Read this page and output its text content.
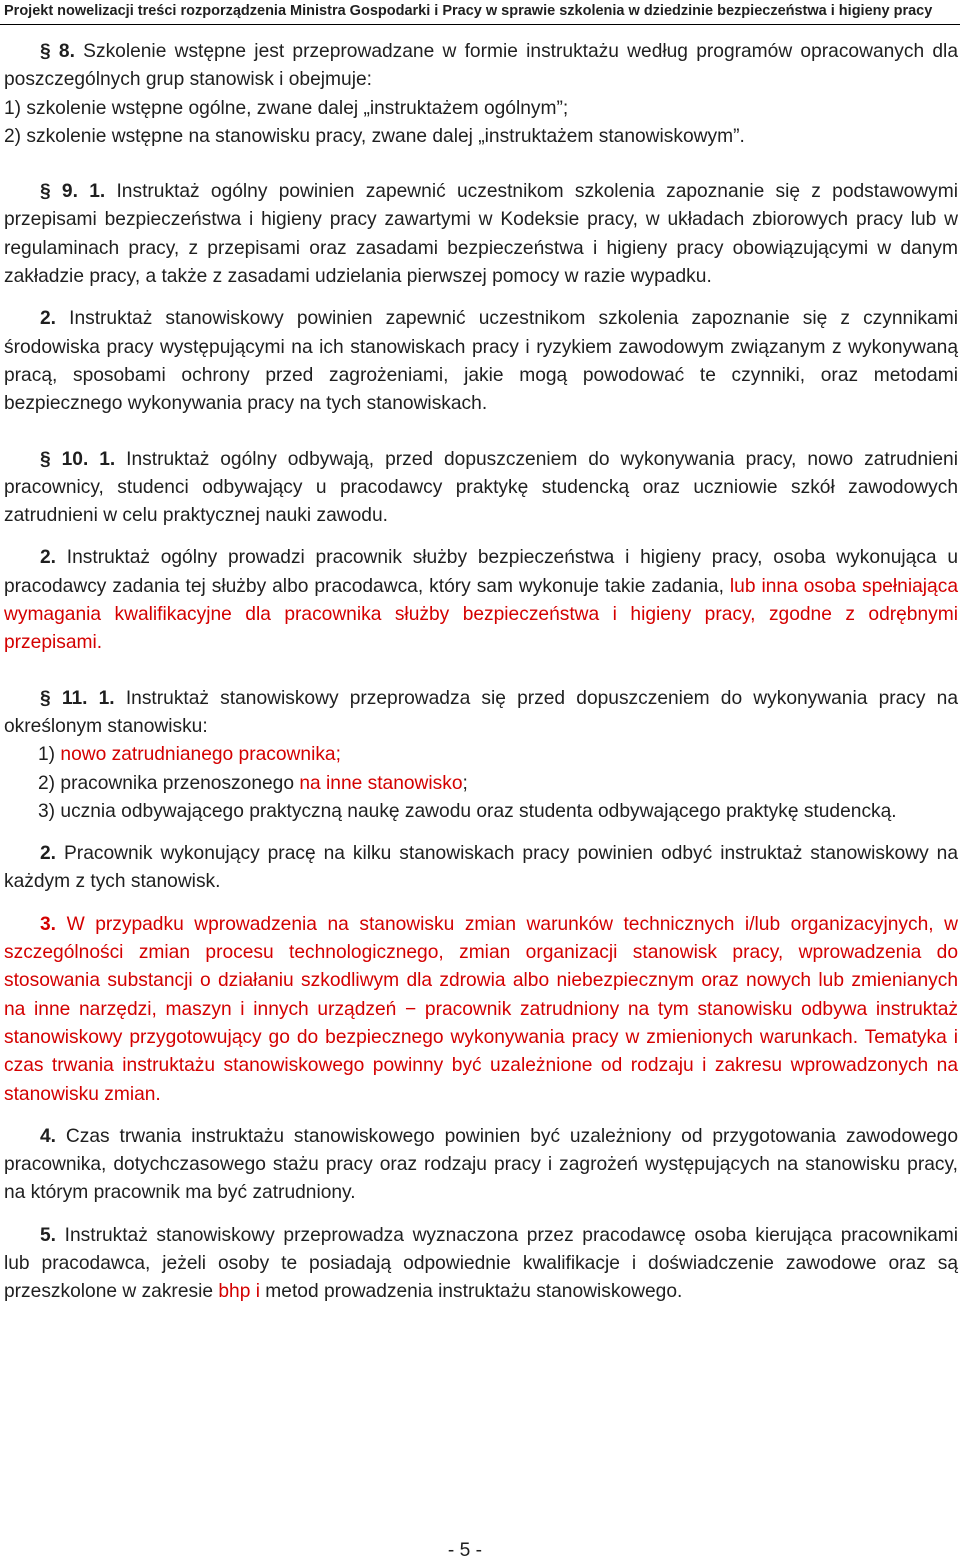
Projekt nowelizacji treści rozporządzenia Ministra Gospodarki i Pracy w sprawie szkolenia w dziedzinie bezpieczeństwa i higieny pracy

§ 8. Szkolenie wstępne jest przeprowadzane w formie instruktażu według programów opracowanych dla poszczególnych grup stanowisk i obejmuje:

1) szkolenie wstępne ogólne, zwane dalej „instruktażem ogólnym”;

2) szkolenie wstępne na stanowisku pracy, zwane dalej „instruktażem stanowiskowym”.

§ 9. 1. Instruktaż ogólny powinien zapewnić uczestnikom szkolenia zapoznanie się z podstawowymi przepisami bezpieczeństwa i higieny pracy zawartymi w Kodeksie pracy, w układach zbiorowych pracy lub w regulaminach pracy, z przepisami oraz zasadami bezpieczeństwa i higieny pracy obowiązującymi w danym zakładzie pracy, a także z zasadami udzielania pierwszej pomocy w razie wypadku.

2. Instruktaż stanowiskowy powinien zapewnić uczestnikom szkolenia zapoznanie się z czynnikami środowiska pracy występującymi na ich stanowiskach pracy i ryzykiem zawodowym związanym z wykonywaną pracą, sposobami ochrony przed zagrożeniami, jakie mogą powodować te czynniki, oraz metodami bezpiecznego wykonywania pracy na tych stanowiskach.

§ 10. 1. Instruktaż ogólny odbywają, przed dopuszczeniem do wykonywania pracy, nowo zatrudnieni pracownicy, studenci odbywający u pracodawcy praktykę studencką oraz uczniowie szkół zawodowych zatrudnieni w celu praktycznej nauki zawodu.

2. Instruktaż ogólny prowadzi pracownik służby bezpieczeństwa i higieny pracy, osoba wykonująca u pracodawcy zadania tej służby albo pracodawca, który sam wykonuje takie zadania, lub inna osoba spełniająca wymagania kwalifikacyjne dla pracownika służby bezpieczeństwa i higieny pracy, zgodne z odrębnymi przepisami.

§ 11. 1. Instruktaż stanowiskowy przeprowadza się przed dopuszczeniem do wykonywania pracy na określonym stanowisku:

1) nowo zatrudnianego pracownika;

2) pracownika przenoszonego na inne stanowisko;

3) ucznia odbywającego praktyczną naukę zawodu oraz studenta odbywającego praktykę studencką.

2. Pracownik wykonujący pracę na kilku stanowiskach pracy powinien odbyć instruktaż stanowiskowy na każdym z tych stanowisk.

3. W przypadku wprowadzenia na stanowisku zmian warunków technicznych i/lub organizacyjnych, w szczególności zmian procesu technologicznego, zmian organizacji stanowisk pracy, wprowadzenia do stosowania substancji o działaniu szkodliwym dla zdrowia albo niebezpiecznym oraz nowych lub zmienianych na inne narzędzi, maszyn i innych urządzeń − pracownik zatrudniony na tym stanowisku odbywa instruktaż stanowiskowy przygotowujący go do bezpiecznego wykonywania pracy w zmienionych warunkach. Tematyka i czas trwania instruktażu stanowiskowego powinny być uzależnione od rodzaju i zakresu wprowadzonych na stanowisku zmian.

4. Czas trwania instruktażu stanowiskowego powinien być uzależniony od przygotowania zawodowego pracownika, dotychczasowego stażu pracy oraz rodzaju pracy i zagrożeń występujących na stanowisku pracy, na którym pracownik ma być zatrudniony.

5. Instruktaż stanowiskowy przeprowadza wyznaczona przez pracodawcę osoba kierująca pracownikami lub pracodawca, jeżeli osoby te posiadają odpowiednie kwalifikacje i doświadczenie zawodowe oraz są przeszkolone w zakresie bhp i metod prowadzenia instruktażu stanowiskowego.

- 5 -
